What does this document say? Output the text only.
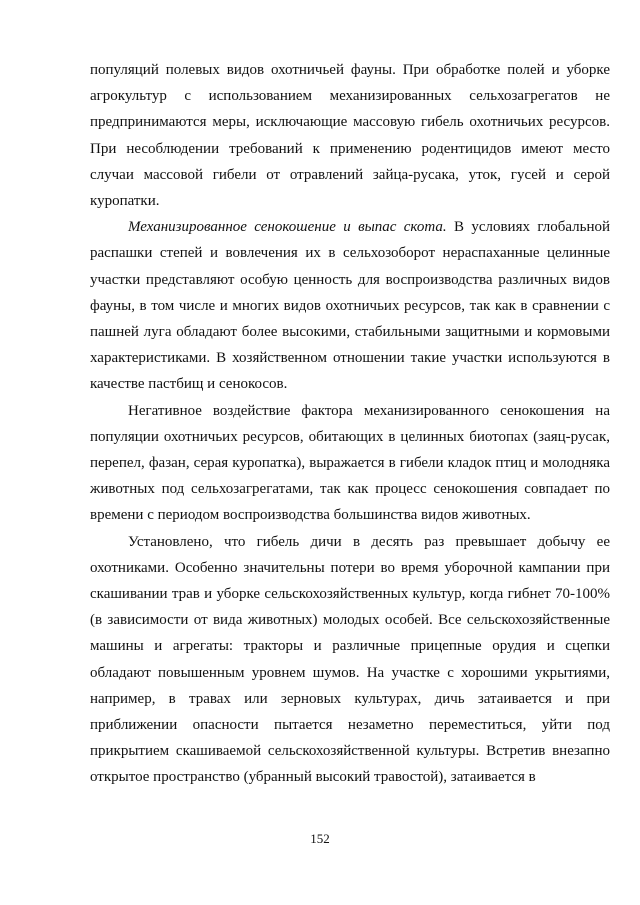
популяций полевых видов охотничьей фауны. При обработке полей и уборке агрокультур с использованием механизированных сельхозагрегатов не предпринимаются меры, исключающие массовую гибель охотничьих ресурсов. При несоблюдении требований к применению родентицидов имеют место случаи массовой гибели от отравлений зайца-русака, уток, гусей и серой куропатки.

Механизированное сенокошение и выпас скота. В условиях глобальной распашки степей и вовлечения их в сельхозоборот нераспаханные целинные участки представляют особую ценность для воспроизводства различных видов фауны, в том числе и многих видов охотничьих ресурсов, так как в сравнении с пашней луга обладают более высокими, стабильными защитными и кормовыми характеристиками. В хозяйственном отношении такие участки используются в качестве пастбищ и сенокосов.

Негативное воздействие фактора механизированного сенокошения на популяции охотничьих ресурсов, обитающих в целинных биотопах (заяц-русак, перепел, фазан, серая куропатка), выражается в гибели кладок птиц и молодняка животных под сельхозагрегатами, так как процесс сенокошения совпадает по времени с периодом воспроизводства большинства видов животных.

Установлено, что гибель дичи в десять раз превышает добычу ее охотниками. Особенно значительны потери во время уборочной кампании при скашивании трав и уборке сельскохозяйственных культур, когда гибнет 70-100% (в зависимости от вида животных) молодых особей. Все сельскохозяйственные машины и агрегаты: тракторы и различные прицепные орудия и сцепки обладают повышенным уровнем шумов. На участке с хорошими укрытиями, например, в травах или зерновых культурах, дичь затаивается и при приближении опасности пытается незаметно переместиться, уйти под прикрытием скашиваемой сельскохозяйственной культуры. Встретив внезапно открытое пространство (убранный высокий травостой), затаивается в

152
